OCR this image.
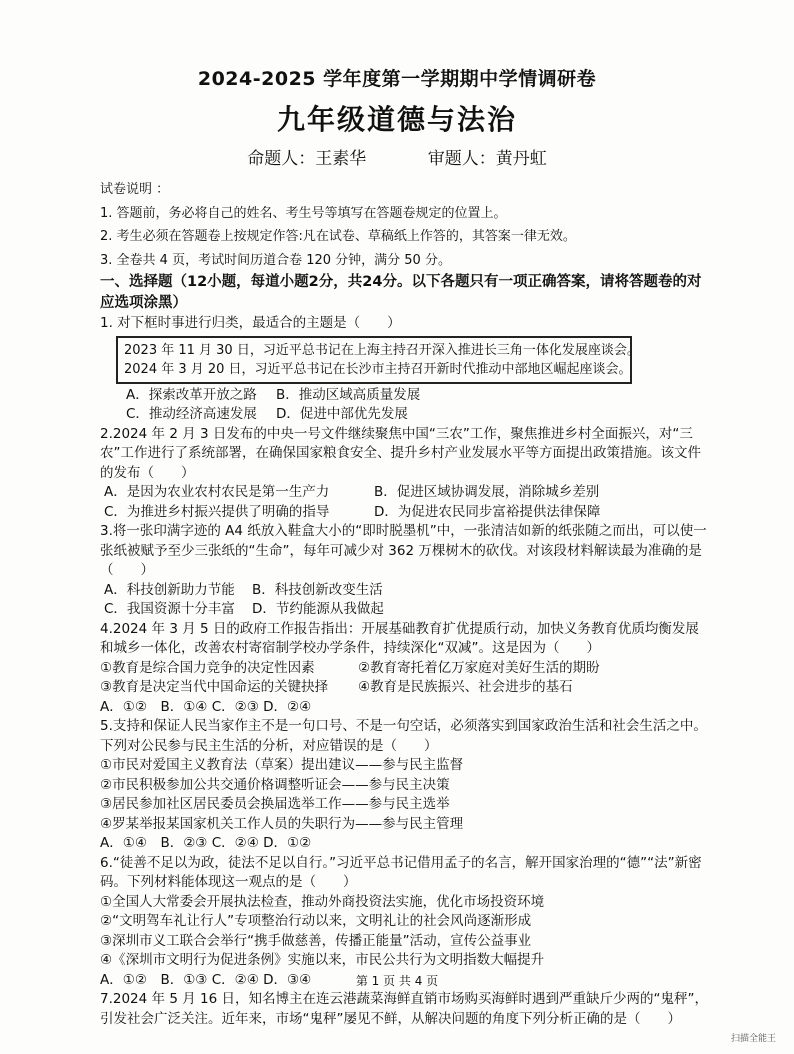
2024-2025 学年度第一学期期中学情调研卷
九年级道德与法治
命题人：王素华	审题人：黄丹虹
试卷说明 ：
1. 答题前，务必将自己的姓名、考生号等填写在答题卷规定的位置上。
2. 考生必须在答题卷上按规定作答:凡在试卷、草稿纸上作答的，其答案一律无效。
3. 全卷共 4 页，考试时间历道合卷 120 分钟，满分 50 分。
一、选择题（12小题，每道小题2分，共24分。以下各题只有一项正确答案，请将答题卷的对应选项涂黑）
1. 对下框时事进行归类，最适合的主题是（　　）
2023 年 11 月 30 日，习近平总书记在上海主持召开深入推进长三角一体化发展座谈会。
2024 年 3 月 20 日，习近平总书记在长沙市主持召开新时代推动中部地区崛起座谈会。
A．探索改革开放之路	B．推动区域高质量发展
C．推动经济高速发展	D．促进中部优先发展
2.2024 年 2 月 3 日发布的中央一号文件继续聚焦中国“三农”工作，聚焦推进乡村全面振兴，对“三农”工作进行了系统部署，在确保国家粮食安全、提升乡村产业发展水平等方面提出政策措施。该文件的发布（　　）
A．是因为农业农村农民是第一生产力	B．促进区域协调发展，消除城乡差别
C．为推进乡村振兴提供了明确的指导	D．为促进农民同步富裕提供法律保障
3.将一张印满字迹的 A4 纸放入鞋盒大小的“即时脱墨机”中，一张清洁如新的纸张随之而出，可以使一张纸被赋予至少三张纸的“生命”，每年可减少对 362 万棵树木的砍伐。对该段材料解读最为准确的是（　　）
A．科技创新助力节能	B．科技创新改变生活
C．我国资源十分丰富	D．节约能源从我做起
4.2024 年 3 月 5 日的政府工作报告指出：开展基础教育扩优提质行动，加快义务教育优质均衡发展和城乡一体化，改善农村寄宿制学校办学条件，持续深化“双减”。这是因为（　　）
①教育是综合国力竞争的决定性因素	②教育寄托着亿万家庭对美好生活的期盼
③教育是决定当代中国命运的关键抉择	④教育是民族振兴、社会进步的基石
A．①②　B．①④ C．②③ D．②④
5.支持和保证人民当家作主不是一句口号、不是一句空话，必须落实到国家政治生活和社会生活之中。下列对公民参与民主生活的分析，对应错误的是（　　）
①市民对爱国主义教育法（草案）提出建议——参与民主监督
②市民积极参加公共交通价格调整听证会——参与民主决策
③居民参加社区居民委员会换届选举工作——参与民主选举
④罗某举报某国家机关工作人员的失职行为——参与民主管理
A．①④　B．②③ C．②④ D．①②
6.“徒善不足以为政，徒法不足以自行。”习近平总书记借用孟子的名言，解开国家治理的“德”“法”新密码。下列材料能体现这一观点的是（　　）
①全国人大常委会开展执法检查，推动外商投资法实施，优化市场投资环境
②“文明驾车礼让行人”专项整治行动以来，文明礼让的社会风尚逐渐形成
③深圳市义工联合会举行“携手做慈善，传播正能量”活动，宣传公益事业
④《深圳市文明行为促进条例》实施以来，市民公共行为文明指数大幅提升
A．①②　B．①③ C．②④ D．③④
7.2024 年 5 月 16 日，知名博主在连云港蔬菜海鲜直销市场购买海鲜时遇到严重缺斤少两的“鬼秤”，引发社会广泛关注。近年来，市场“鬼秤”屡见不鲜，从解决问题的角度下列分析正确的是（　　）
第 1 页 共 4 页
扫描全能王
